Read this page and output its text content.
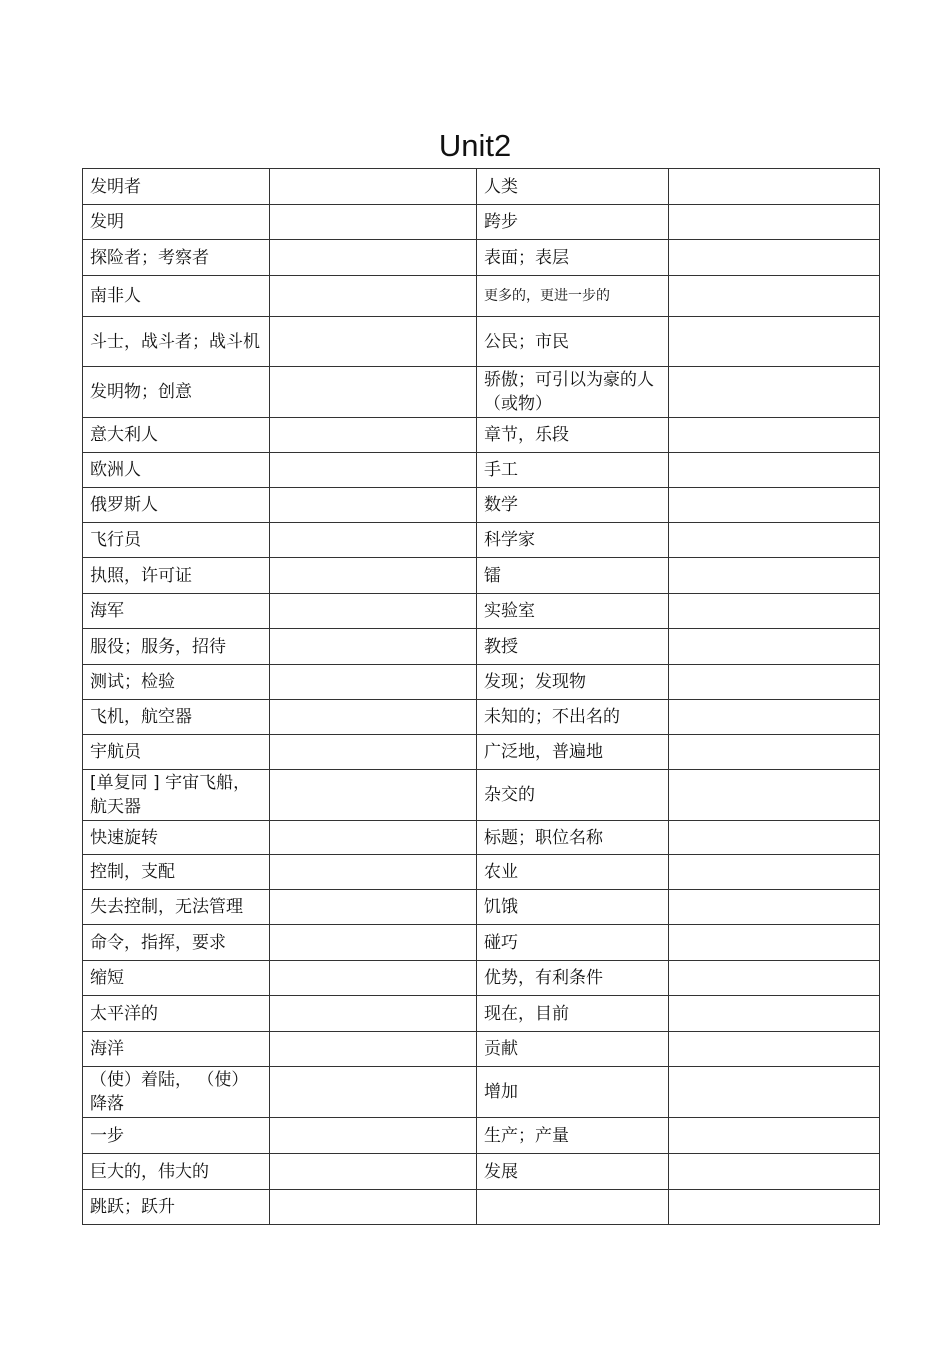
Unit2
发明者		人类	
发明		跨步	
探险者；考察者		表面；表层	
南非人		更多的，更进一步的	
斗士，战斗者；战斗机		公民；市民	
发明物；创意		骄傲；可引以为豪的人（或物）	
意大利人		章节，乐段	
欧洲人		手工	
俄罗斯人		数学	
飞行员		科学家	
执照，许可证		镭	
海军		实验室	
服役；服务，招待		教授	
测试；检验		发现；发现物	
飞机，航空器		未知的；不出名的	
宇航员		广泛地，普遍地	
[单复同 ] 宇宙飞船，航天器		杂交的	
快速旋转		标题；职位名称	
控制，支配		农业	
失去控制，无法管理		饥饿	
命令，指挥，要求		碰巧	
缩短		优势，有利条件	
太平洋的		现在，目前	
海洋		贡献	
（使）着陆， （使）降落		增加	
一步		生产；产量	
巨大的，伟大的		发展	
跳跃；跃升			
